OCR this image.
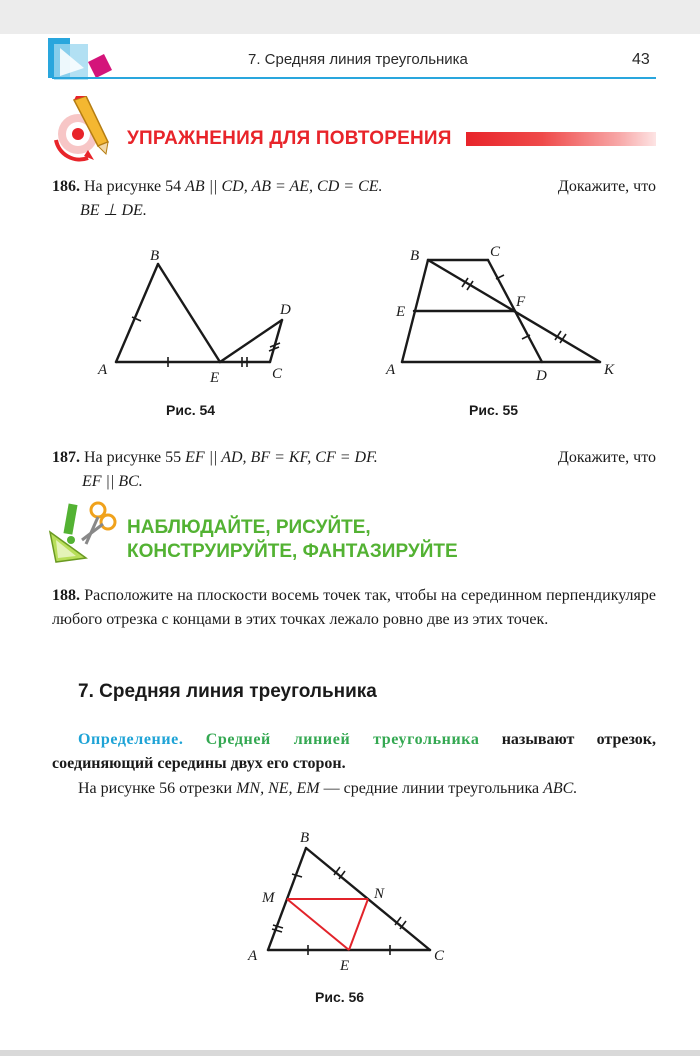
7. Средняя линия треугольника	43
УПРАЖНЕНИЯ ДЛЯ ПОВТОРЕНИЯ
186. На рисунке 54 AB || CD, AB = AE, CD = CE.	Докажите, что
BE ⊥ DE.
A
B
E	C
D
Рис. 54
B	C
E
F
A	D	K
Рис. 55
187. На рисунке 55 EF || AD, BF = KF, CF = DF.	Докажите, что
EF || BC.
НАБЛЮДАЙТЕ, РИСУЙТЕ,
КОНСТРУИРУЙТЕ, ФАНТАЗИРУЙТЕ
188. Расположите на плоскости восемь точек так, чтобы на серединном перпендикуляре любого отрезка с концами в этих точках лежало ровно две из этих точек.
7. Средняя линия треугольника
Определение. Средней линией треугольника называют отрезок, соединяющий середины двух его сторон.
На рисунке 56 отрезки MN, NE, EM — средние линии треугольника ABC.
B
M	N
A
E
C
Рис. 56
